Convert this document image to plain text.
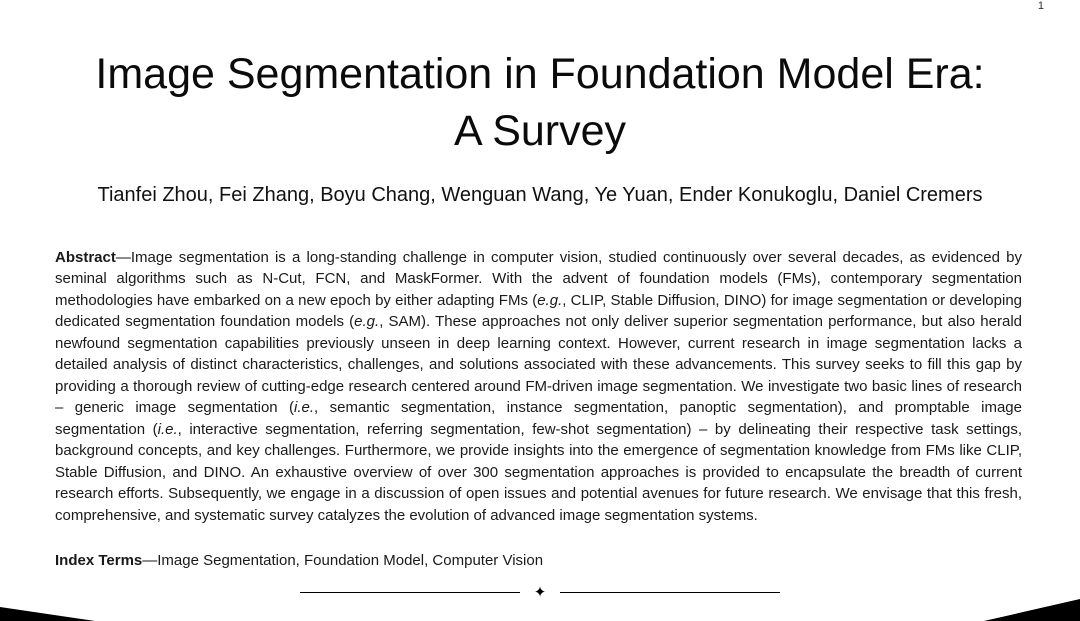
1
Image Segmentation in Foundation Model Era:
A Survey
Tianfei Zhou, Fei Zhang, Boyu Chang, Wenguan Wang, Ye Yuan, Ender Konukoglu, Daniel Cremers

Abstract—Image segmentation is a long-standing challenge in computer vision, studied continuously over several decades, as evidenced by seminal algorithms such as N-Cut, FCN, and MaskFormer. With the advent of foundation models (FMs), contemporary segmentation methodologies have embarked on a new epoch by either adapting FMs (e.g., CLIP, Stable Diffusion, DINO) for image segmentation or developing dedicated segmentation foundation models (e.g., SAM). These approaches not only deliver superior segmentation performance, but also herald newfound segmentation capabilities previously unseen in deep learning context. However, current research in image segmentation lacks a detailed analysis of distinct characteristics, challenges, and solutions associated with these advancements. This survey seeks to fill this gap by providing a thorough review of cutting-edge research centered around FM-driven image segmentation. We investigate two basic lines of research – generic image segmentation (i.e., semantic segmentation, instance segmentation, panoptic segmentation), and promptable image segmentation (i.e., interactive segmentation, referring segmentation, few-shot segmentation) – by delineating their respective task settings, background concepts, and key challenges. Furthermore, we provide insights into the emergence of segmentation knowledge from FMs like CLIP, Stable Diffusion, and DINO. An exhaustive overview of over 300 segmentation approaches is provided to encapsulate the breadth of current research efforts. Subsequently, we engage in a discussion of open issues and potential avenues for future research. We envisage that this fresh, comprehensive, and systematic survey catalyzes the evolution of advanced image segmentation systems.

Index Terms—Image Segmentation, Foundation Model, Computer Vision

✦
